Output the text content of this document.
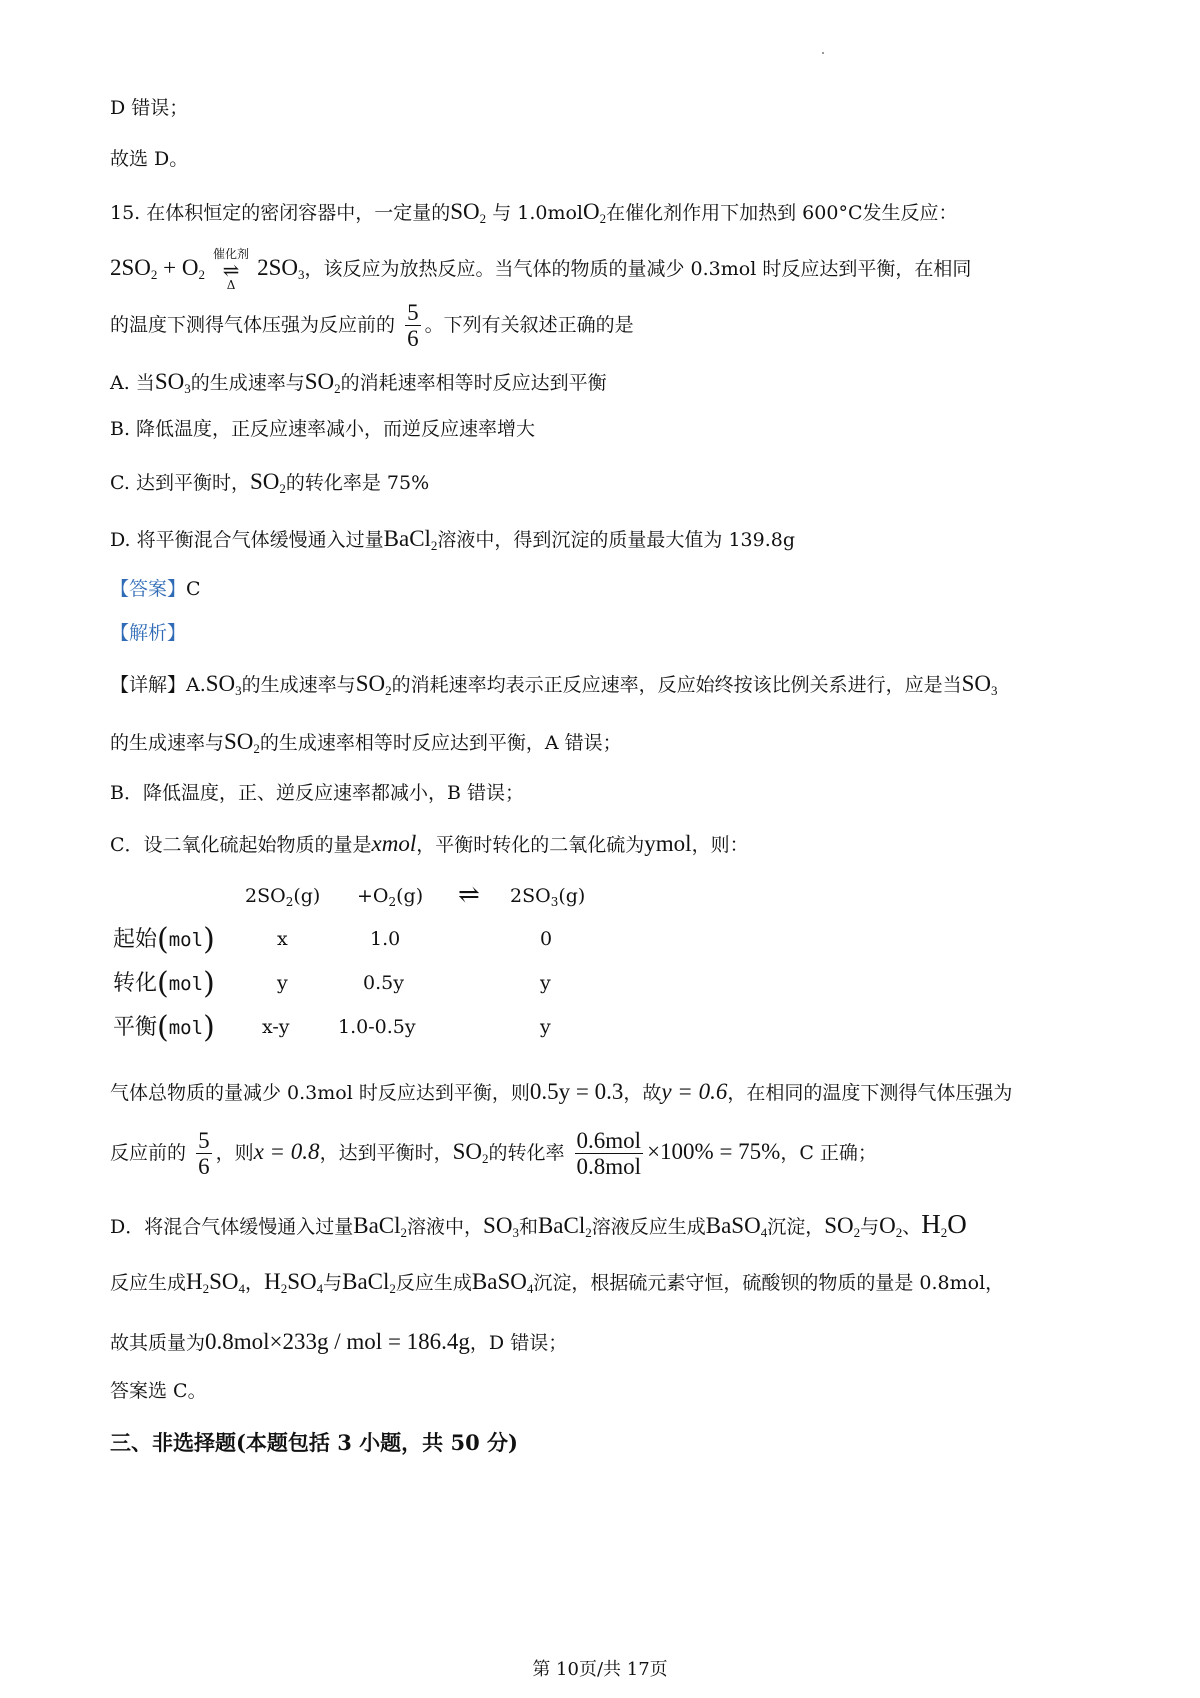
D 错误；
故选 D。
15. 在体积恒定的密闭容器中，一定量的$SO_2$ 与 1.0molO$_2$在催化剂作用下加热到 600°C发生反应：
$2SO_2 + O_2$
催化剂
⇌
Δ
$2SO_3$，该反应为放热反应。当气体的物质的量减少 0.3mol 时反应达到平衡，在相同
的温度下测得气体压强为反应前的 $\frac{5}{6}$ 。下列有关叙述正确的是
A. 当$SO_3$的生成速率与$SO_2$的消耗速率相等时反应达到平衡
B. 降低温度，正反应速率减小，而逆反应速率增大
C. 达到平衡时，$SO_2$的转化率是 75%
D. 将平衡混合气体缓慢通入过量BaCl$_2$溶液中，得到沉淀的质量最大值为 139.8g
【答案】C
【解析】
【详解】$A.SO_3$的生成速率与$SO_2$的消耗速率均表示正反应速率，反应始终按该比例关系进行，应是当$SO_3$
的生成速率与$SO_2$的生成速率相等时反应达到平衡，A 错误；
B．降低温度，正、逆反应速率都减小，B 错误；
C．设二氧化硫起始物质的量是xmol，平衡时转化的二氧化硫为ymol，则：
$2SO_2(g) +O_2(g)$ ⇌ $2SO_3(g)$
起始(mol)	x	1.0	0
转化(mol)	y	0.5y	y
平衡(mol) x-y	1.0-0.5y	y
气体总物质的量减少 0.3mol 时反应达到平衡，则0.5y = 0.3，故y = 0.6，在相同的温度下测得气体压强为
反应前的 $\frac{5}{6}$ ，则x = 0.8，达到平衡时，$SO_2$的转化率 $\frac{\text{0.6mol}}{\text{0.8mol}} \times 100\% = 75\%$，C 正确；
D．将混合气体缓慢通入过量BaCl$_2$溶液中，$SO_3$和BaCl$_2$溶液反应生成BaSO$_4$沉淀，$SO_2$与$O_2$、$H_2O$
反应生成$H_2SO_4$，$H_2SO_4$与BaCl$_2$反应生成BaSO$_4$沉淀，根据硫元素守恒，硫酸钡的物质的量是 0.8mol，
故其质量为0.8mol×233g / mol = 186.4g，D 错误；
答案选 C。
三、非选择题(本题包括 3 小题，共 50 分)
第 10页/共 17页
